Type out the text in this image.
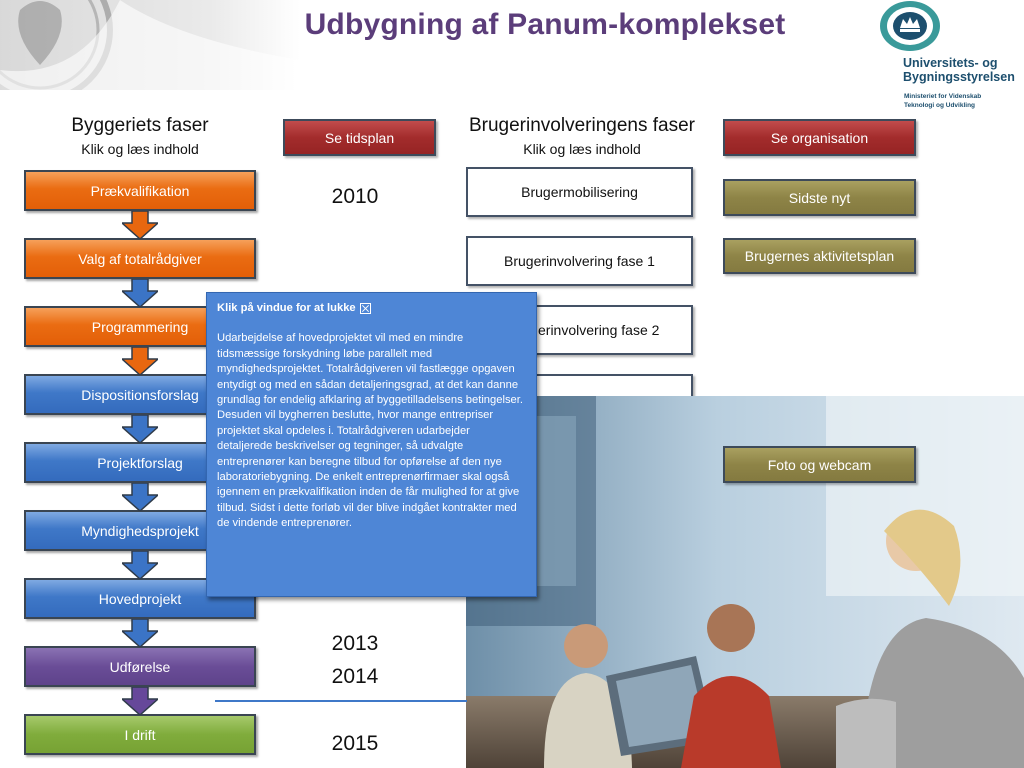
Udbygning af Panum-komplekset
Universitets- og
Bygningsstyrelsen
Ministeriet for Videnskab
Teknologi og Udvikling
Byggeriets faser
Klik og læs indhold
Prækvalifikation
Valg af totalrådgiver
Programmering
Dispositionsforslag
Projektforslag
Myndighedsprojekt
Hovedprojekt
Udførelse
I drift
Se tidsplan
2010
2013
2014
2015
Brugerinvolveringens faser
Klik og læs indhold
Brugermobilisering
Brugerinvolvering fase 1
erinvolvering fase 2
Se organisation
Sidste nyt
Brugernes aktivitetsplan
Foto og webcam
Klik på vindue for at lukke
Udarbejdelse af hovedprojektet vil med en mindre tidsmæssige forskydning løbe parallelt med myndighedsprojektet. Totalrådgiveren vil fastlægge opgaven entydigt og med en sådan detaljeringsgrad, at det kan danne grundlag for endelig afklaring af byggetilladelsens betingelser. Desuden vil bygherren beslutte, hvor mange entrepriser projektet skal opdeles i. Totalrådgiveren udarbejder detaljerede beskrivelser og tegninger, så udvalgte entreprenører kan beregne tilbud for opførelse af den nye laboratoriebygning. De enkelt entreprenørfirmaer skal også igennem en prækvalifikation inden de får mulighed for at give tilbud. Sidst i dette forløb vil der blive indgået kontrakter med de vindende entreprenører.
